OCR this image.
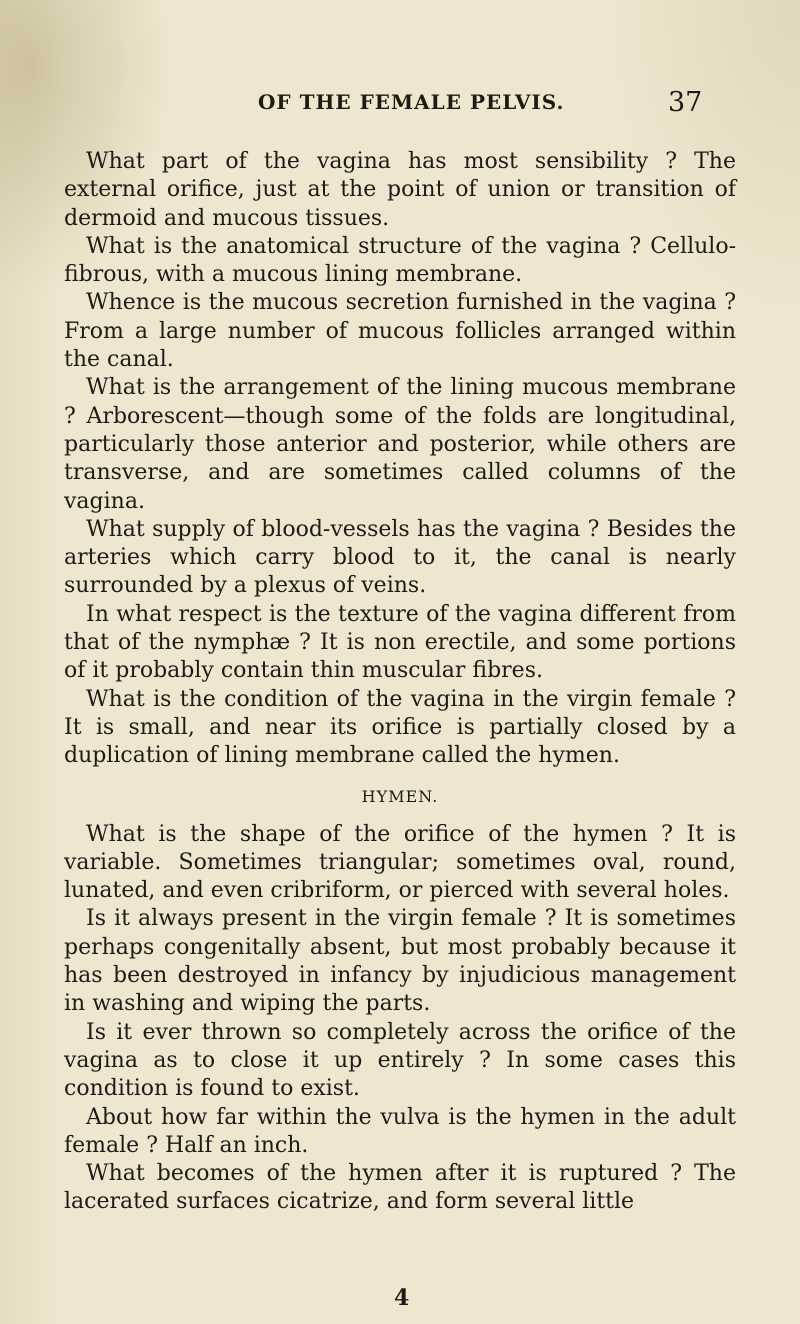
OF THE FEMALE PELVIS.	37

What part of the vagina has most sensibility ? The external orifice, just at the point of union or transition of dermoid and mucous tissues.

What is the anatomical structure of the vagina ? Cellulo-fibrous, with a mucous lining membrane.

Whence is the mucous secretion furnished in the vagina ? From a large number of mucous follicles arranged within the canal.

What is the arrangement of the lining mucous membrane ? Arborescent—though some of the folds are longitudinal, particularly those anterior and posterior, while others are transverse, and are sometimes called columns of the vagina.

What supply of blood-vessels has the vagina ? Besides the arteries which carry blood to it, the canal is nearly surrounded by a plexus of veins.

In what respect is the texture of the vagina different from that of the nymphæ ? It is non erectile, and some portions of it probably contain thin muscular fibres.

What is the condition of the vagina in the virgin female ? It is small, and near its orifice is partially closed by a duplication of lining membrane called the hymen.

HYMEN.

What is the shape of the orifice of the hymen ? It is variable. Sometimes triangular; sometimes oval, round, lunated, and even cribriform, or pierced with several holes.

Is it always present in the virgin female ? It is sometimes perhaps congenitally absent, but most probably because it has been destroyed in infancy by injudicious management in washing and wiping the parts.

Is it ever thrown so completely across the orifice of the vagina as to close it up entirely ? In some cases this condition is found to exist.

About how far within the vulva is the hymen in the adult female ? Half an inch.

What becomes of the hymen after it is ruptured ? The lacerated surfaces cicatrize, and form several little

4
